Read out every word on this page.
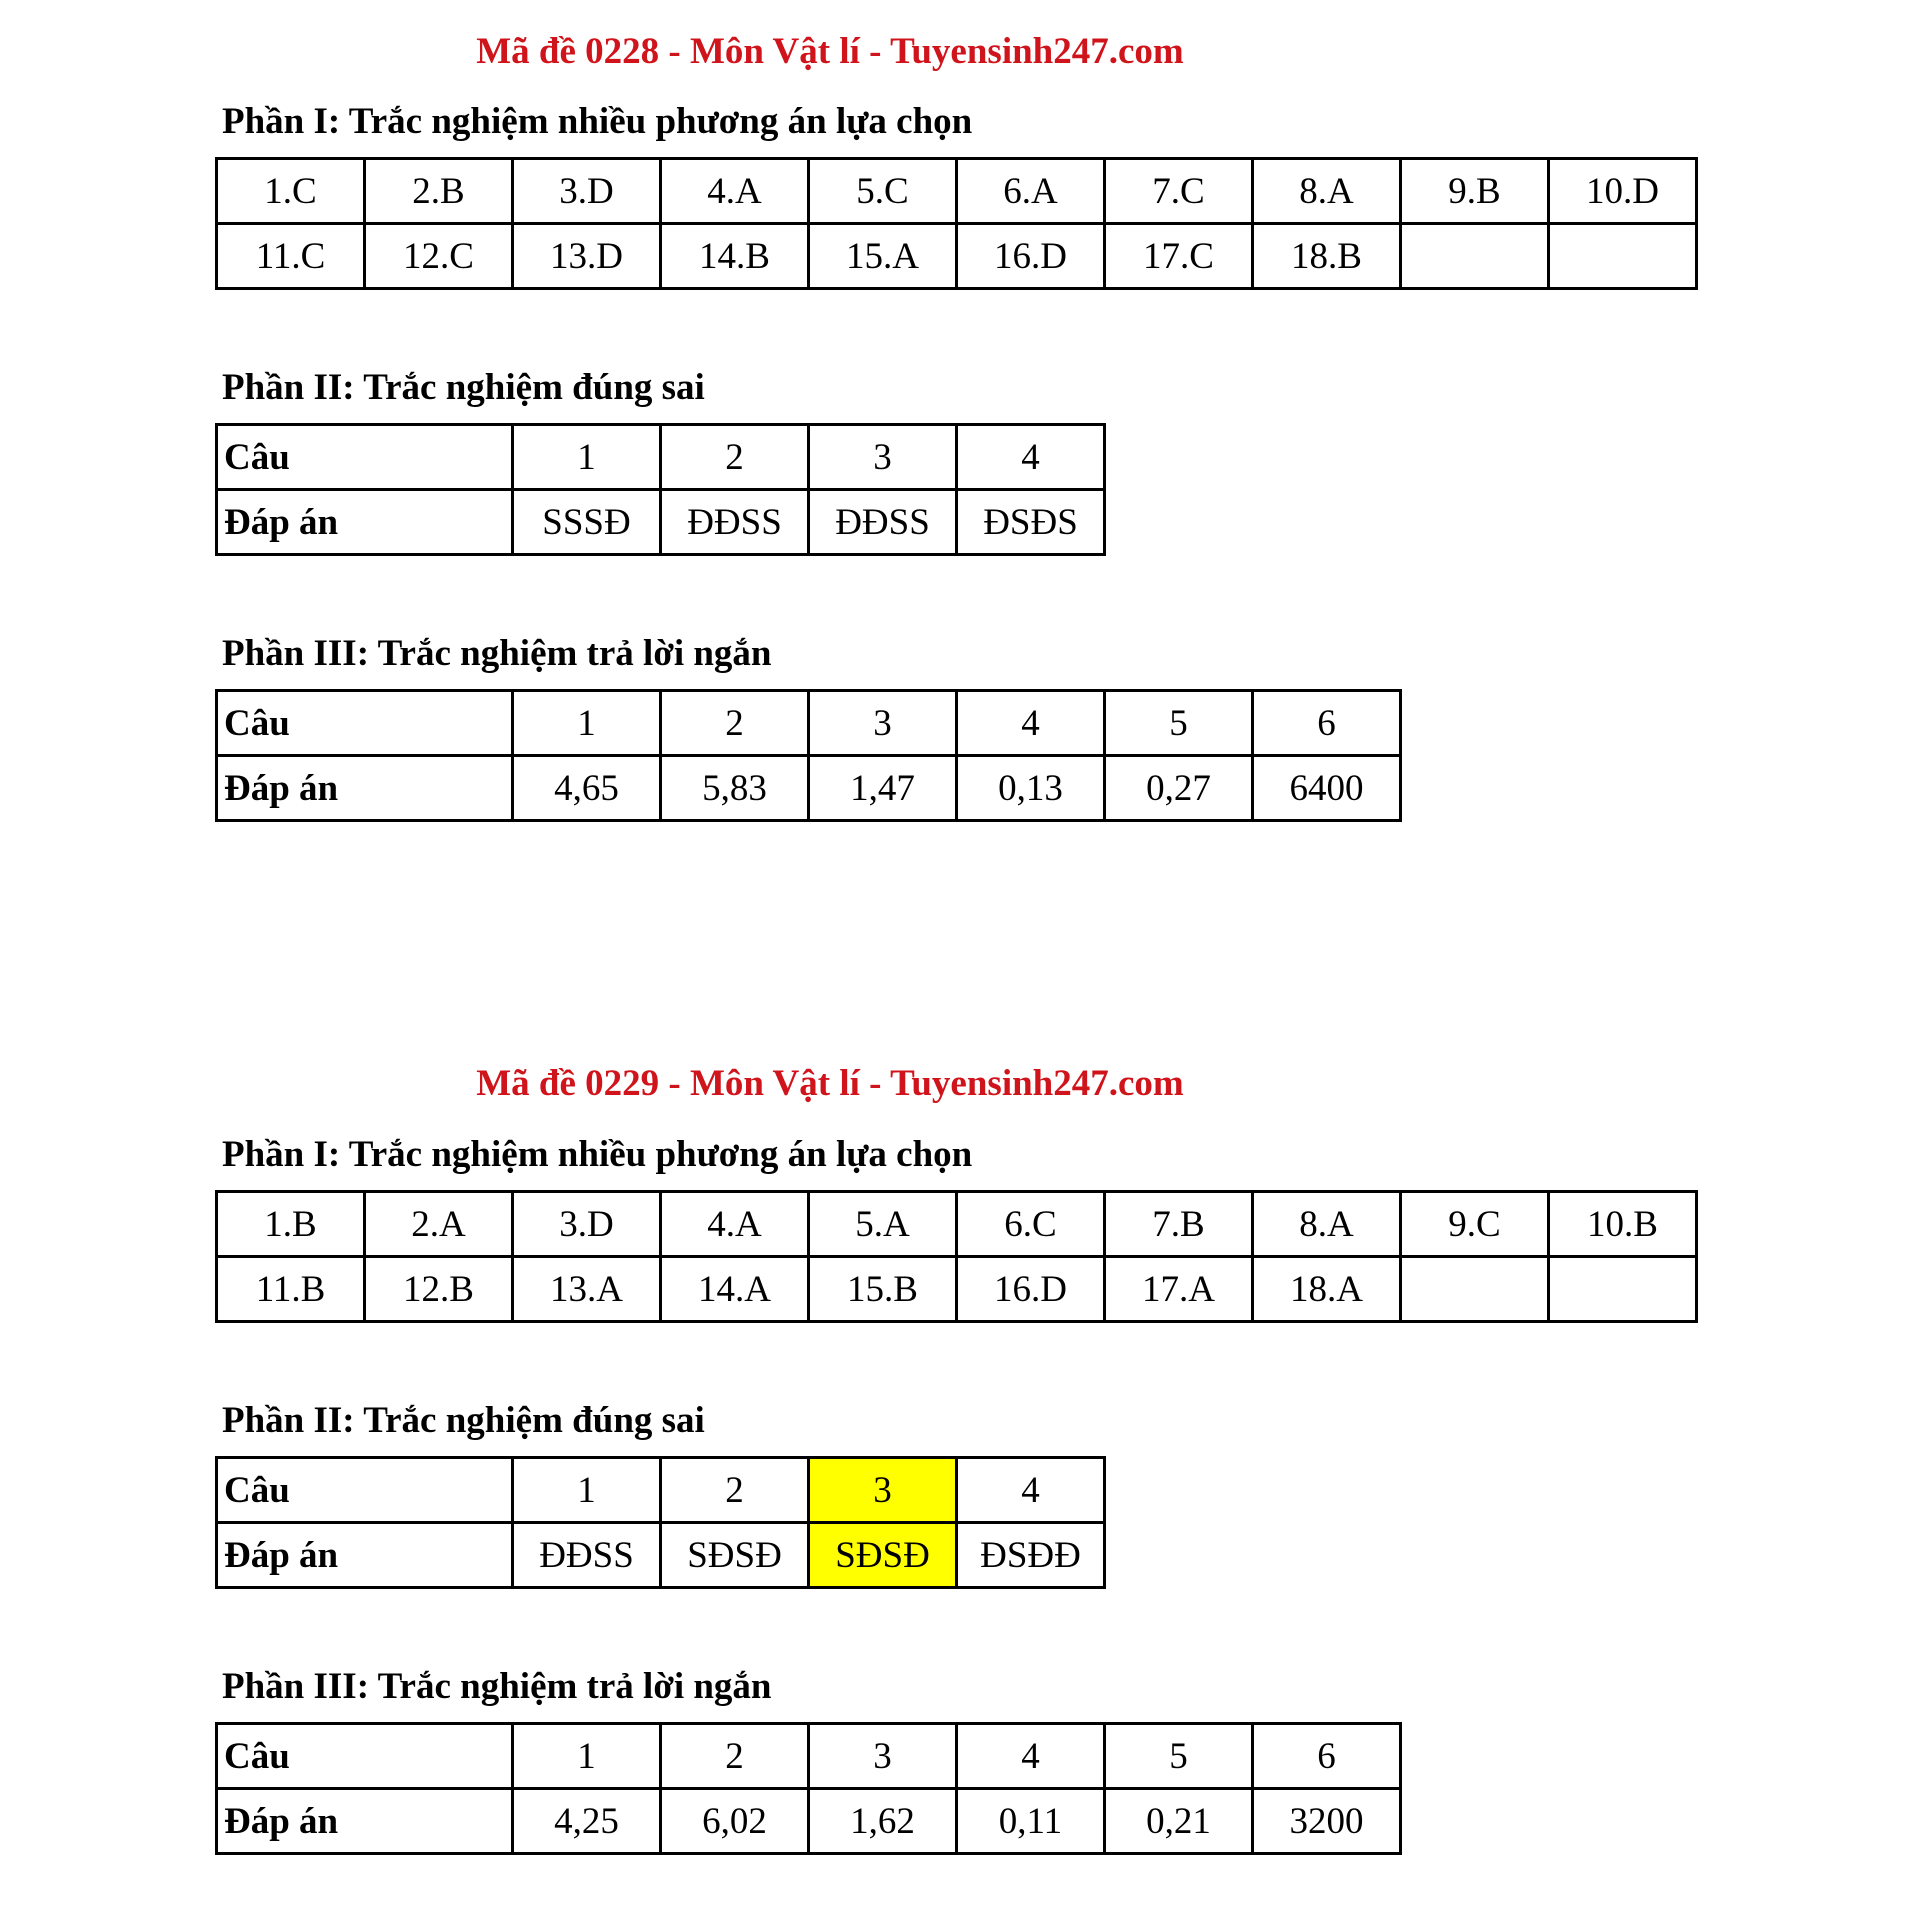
Mã đề 0228 - Môn Vật lí - Tuyensinh247.com
Phần I: Trắc nghiệm nhiều phương án lựa chọn
1.C	2.B	3.D	4.A	5.C	6.A	7.C	8.A	9.B	10.D
11.C	12.C	13.D	14.B	15.A	16.D	17.C	18.B		
Phần II: Trắc nghiệm đúng sai
Câu	1	2	3	4
Đáp án	SSSĐ	ĐĐSS	ĐĐSS	ĐSĐS
Phần III: Trắc nghiệm trả lời ngắn
Câu	1	2	3	4	5	6
Đáp án	4,65	5,83	1,47	0,13	0,27	6400
Mã đề 0229 - Môn Vật lí - Tuyensinh247.com
Phần I: Trắc nghiệm nhiều phương án lựa chọn
1.B	2.A	3.D	4.A	5.A	6.C	7.B	8.A	9.C	10.B
11.B	12.B	13.A	14.A	15.B	16.D	17.A	18.A		
Phần II: Trắc nghiệm đúng sai
Câu	1	2	3	4
Đáp án	ĐĐSS	SĐSĐ	SĐSĐ	ĐSĐĐ
Phần III: Trắc nghiệm trả lời ngắn
Câu	1	2	3	4	5	6
Đáp án	4,25	6,02	1,62	0,11	0,21	3200
